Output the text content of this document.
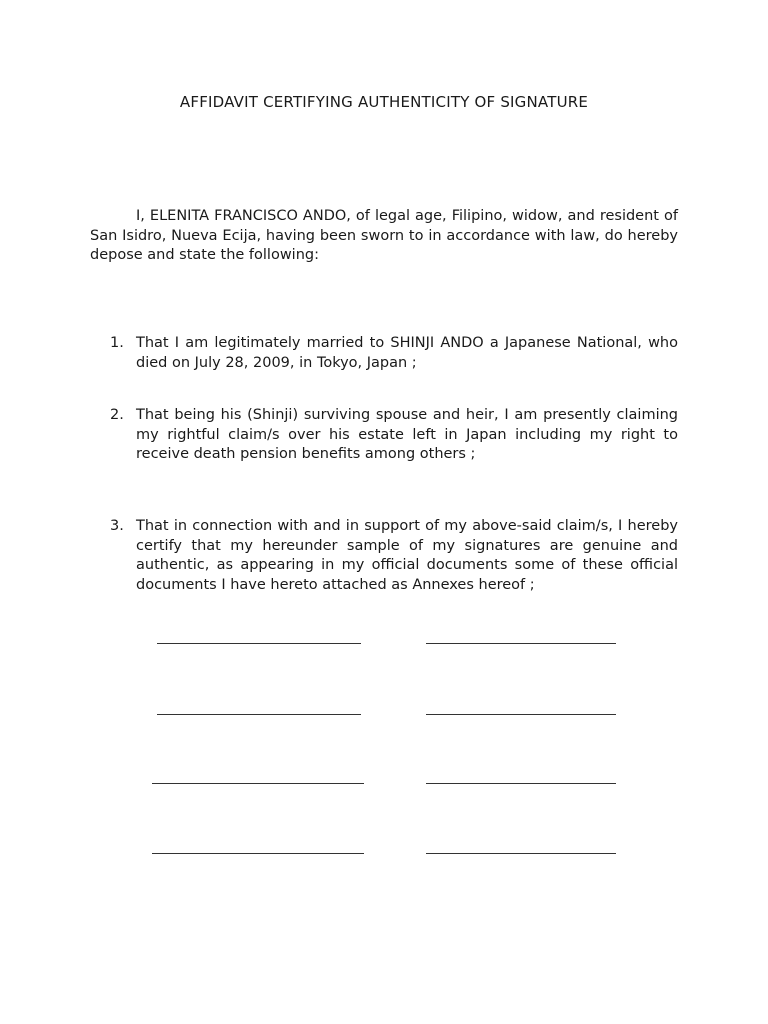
AFFIDAVIT CERTIFYING AUTHENTICITY OF SIGNATURE

I, ELENITA FRANCISCO ANDO, of legal age, Filipino, widow, and resident of San Isidro, Nueva Ecija, having been sworn to in accordance with law, do hereby depose and state the following:

1. That I am legitimately married to SHINJI ANDO a Japanese National, who died on July 28, 2009, in Tokyo, Japan ;
2. That being his (Shinji) surviving spouse and heir, I am presently claiming my rightful claim/s over his estate left in Japan including my right to receive death pension benefits among others ;
3. That in connection with and in support of my above-said claim/s, I hereby certify that my hereunder sample of my signatures are genuine and authentic, as appearing in my official documents some of these official documents I have hereto attached as Annexes hereof ;
